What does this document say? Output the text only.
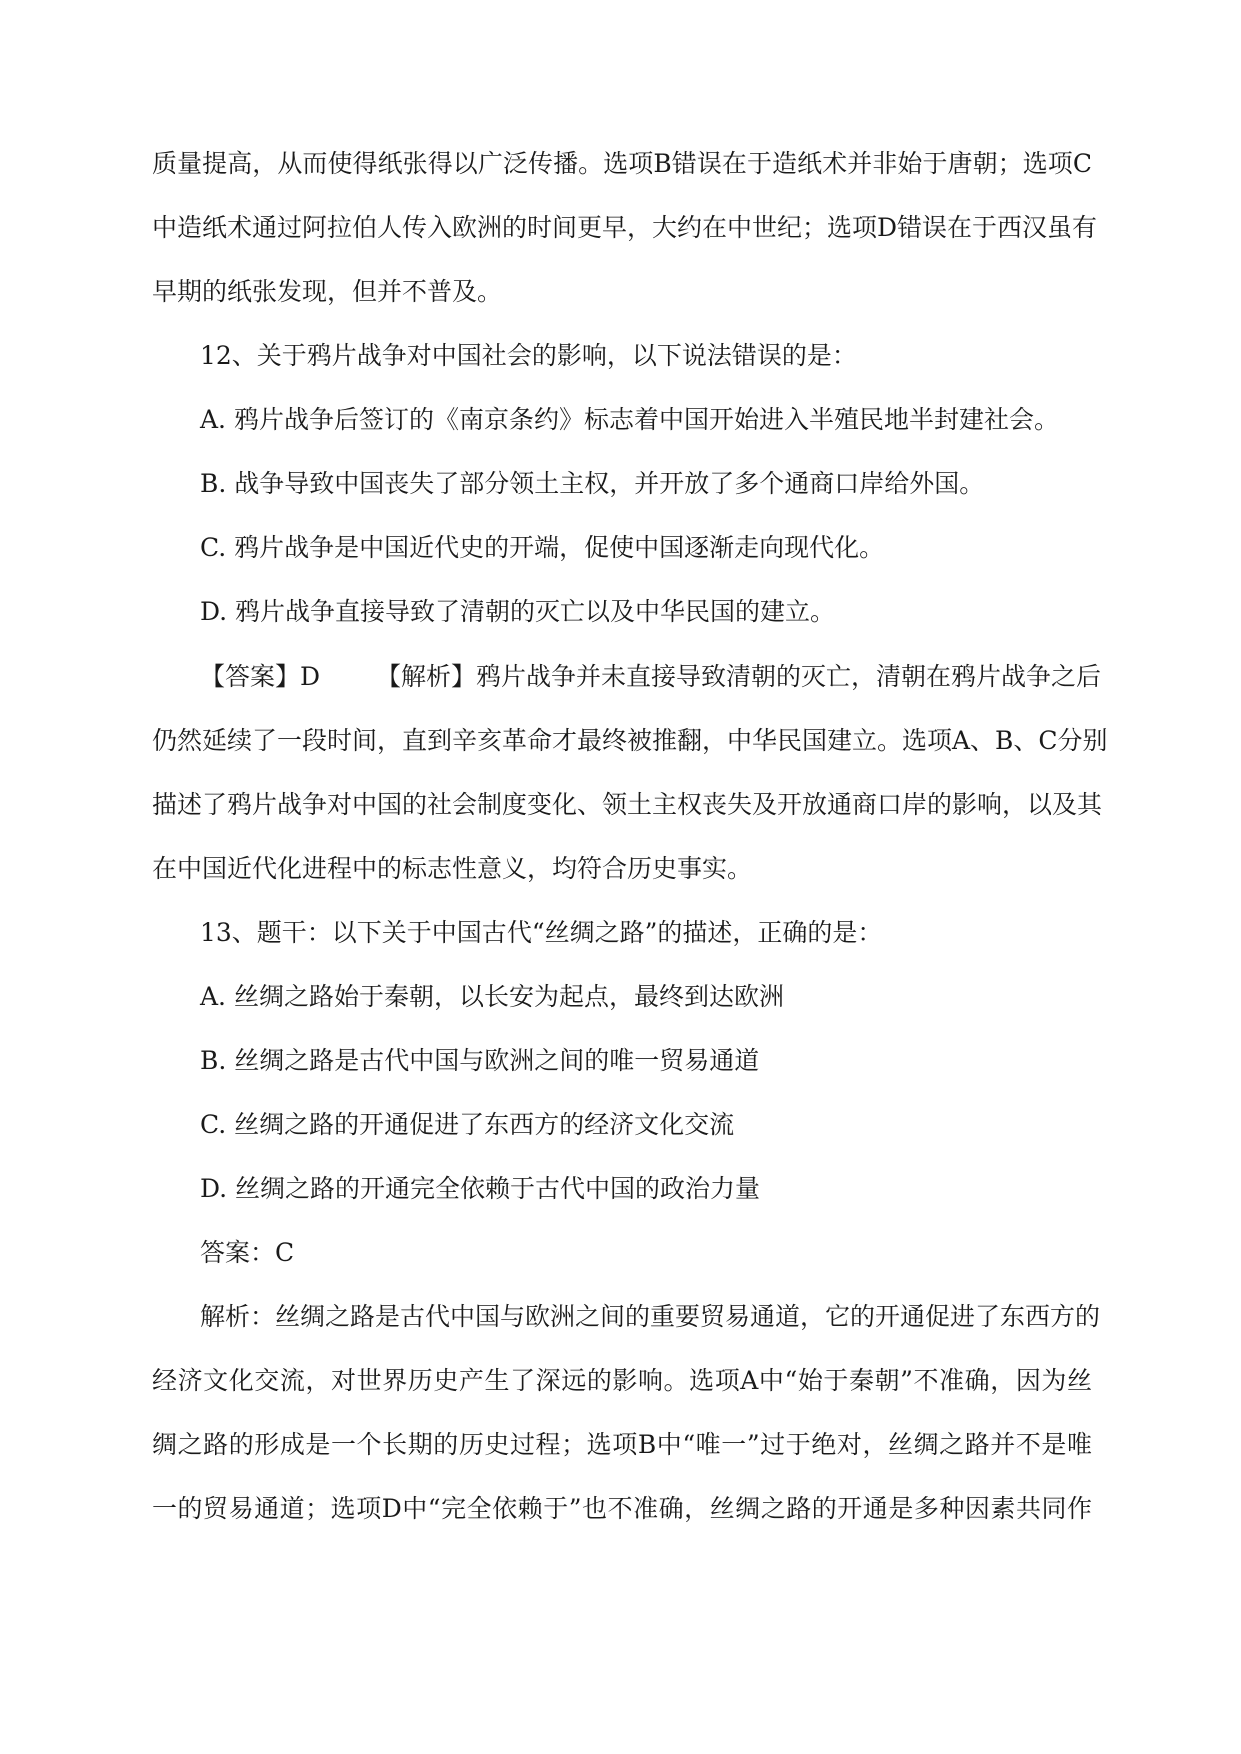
质量提高，从而使得纸张得以广泛传播。选项B错误在于造纸术并非始于唐朝；选项C
中造纸术通过阿拉伯人传入欧洲的时间更早，大约在中世纪；选项D错误在于西汉虽有
早期的纸张发现，但并不普及。
12、关于鸦片战争对中国社会的影响，以下说法错误的是：
A. 鸦片战争后签订的《南京条约》标志着中国开始进入半殖民地半封建社会。
B. 战争导致中国丧失了部分领土主权，并开放了多个通商口岸给外国。
C. 鸦片战争是中国近代史的开端，促使中国逐渐走向现代化。
D. 鸦片战争直接导致了清朝的灭亡以及中华民国的建立。
【答案】D 【解析】鸦片战争并未直接导致清朝的灭亡，清朝在鸦片战争之后
仍然延续了一段时间，直到辛亥革命才最终被推翻，中华民国建立。选项A、B、C分别
描述了鸦片战争对中国的社会制度变化、领土主权丧失及开放通商口岸的影响，以及其
在中国近代化进程中的标志性意义，均符合历史事实。
13、题干：以下关于中国古代“丝绸之路”的描述，正确的是：
A. 丝绸之路始于秦朝，以长安为起点，最终到达欧洲
B. 丝绸之路是古代中国与欧洲之间的唯一贸易通道
C. 丝绸之路的开通促进了东西方的经济文化交流
D. 丝绸之路的开通完全依赖于古代中国的政治力量
答案：C
解析：丝绸之路是古代中国与欧洲之间的重要贸易通道，它的开通促进了东西方的
经济文化交流，对世界历史产生了深远的影响。选项A中“始于秦朝”不准确，因为丝
绸之路的形成是一个长期的历史过程；选项B中“唯一”过于绝对，丝绸之路并不是唯
一的贸易通道；选项D中“完全依赖于”也不准确，丝绸之路的开通是多种因素共同作
